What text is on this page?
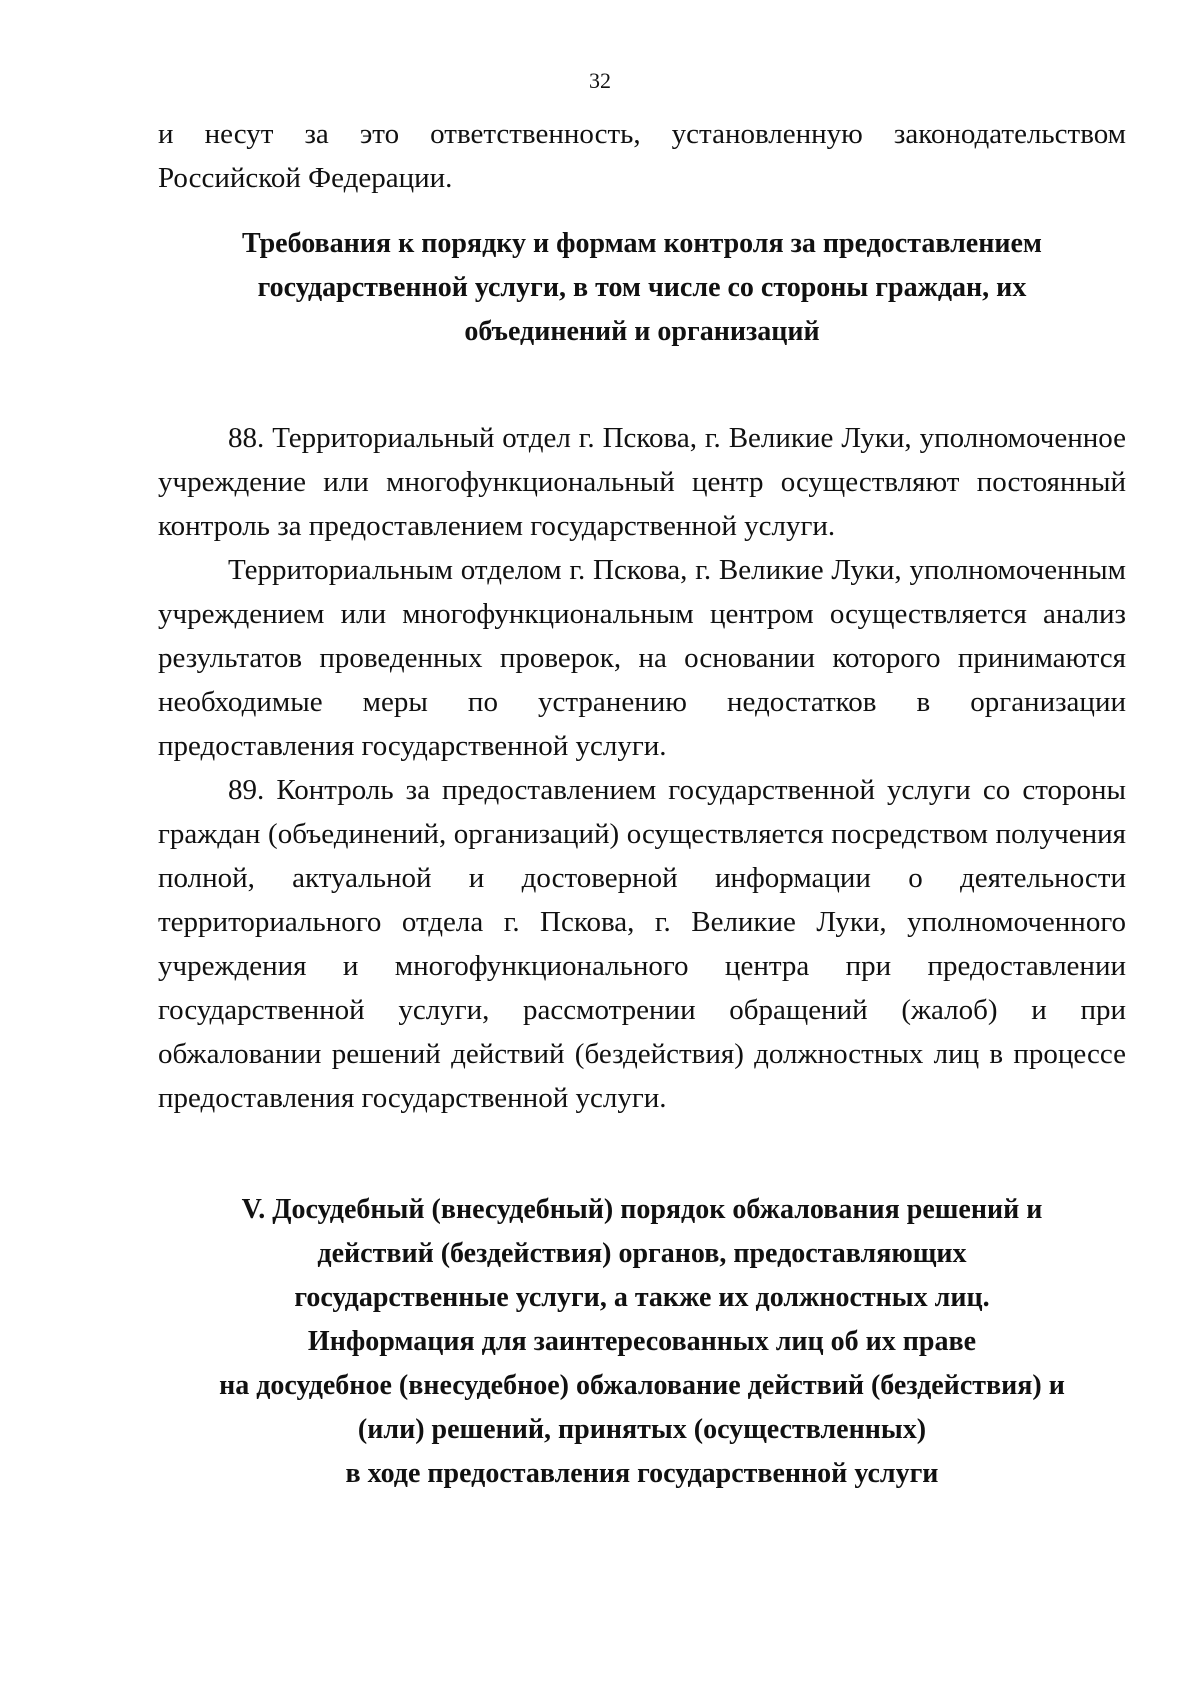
32

и несут за это ответственность, установленную законодательством Российской Федерации.

Требования к порядку и формам контроля за предоставлением
государственной услуги, в том числе со стороны граждан, их
объединений и организаций

88. Территориальный отдел г. Пскова, г. Великие Луки, уполномоченное учреждение или многофункциональный центр осуществляют постоянный контроль за предоставлением государственной услуги.

Территориальным отделом г. Пскова, г. Великие Луки, уполномоченным учреждением или многофункциональным центром осуществляется анализ результатов проведенных проверок, на основании которого принимаются необходимые меры по устранению недостатков в организации предоставления государственной услуги.

89. Контроль за предоставлением государственной услуги со стороны граждан (объединений, организаций) осуществляется посредством получения полной, актуальной и достоверной информации о деятельности территориального отдела г. Пскова, г. Великие Луки, уполномоченного учреждения и многофункционального центра при предоставлении государственной услуги, рассмотрении обращений (жалоб) и при обжаловании решений действий (бездействия) должностных лиц в процессе предоставления государственной услуги.

V. Досудебный (внесудебный) порядок обжалования решений и
действий (бездействия) органов, предоставляющих
государственные услуги, а также их должностных лиц.
Информация для заинтересованных лиц об их праве
на досудебное (внесудебное) обжалование действий (бездействия) и
(или) решений, принятых (осуществленных)
в ходе предоставления государственной услуги
